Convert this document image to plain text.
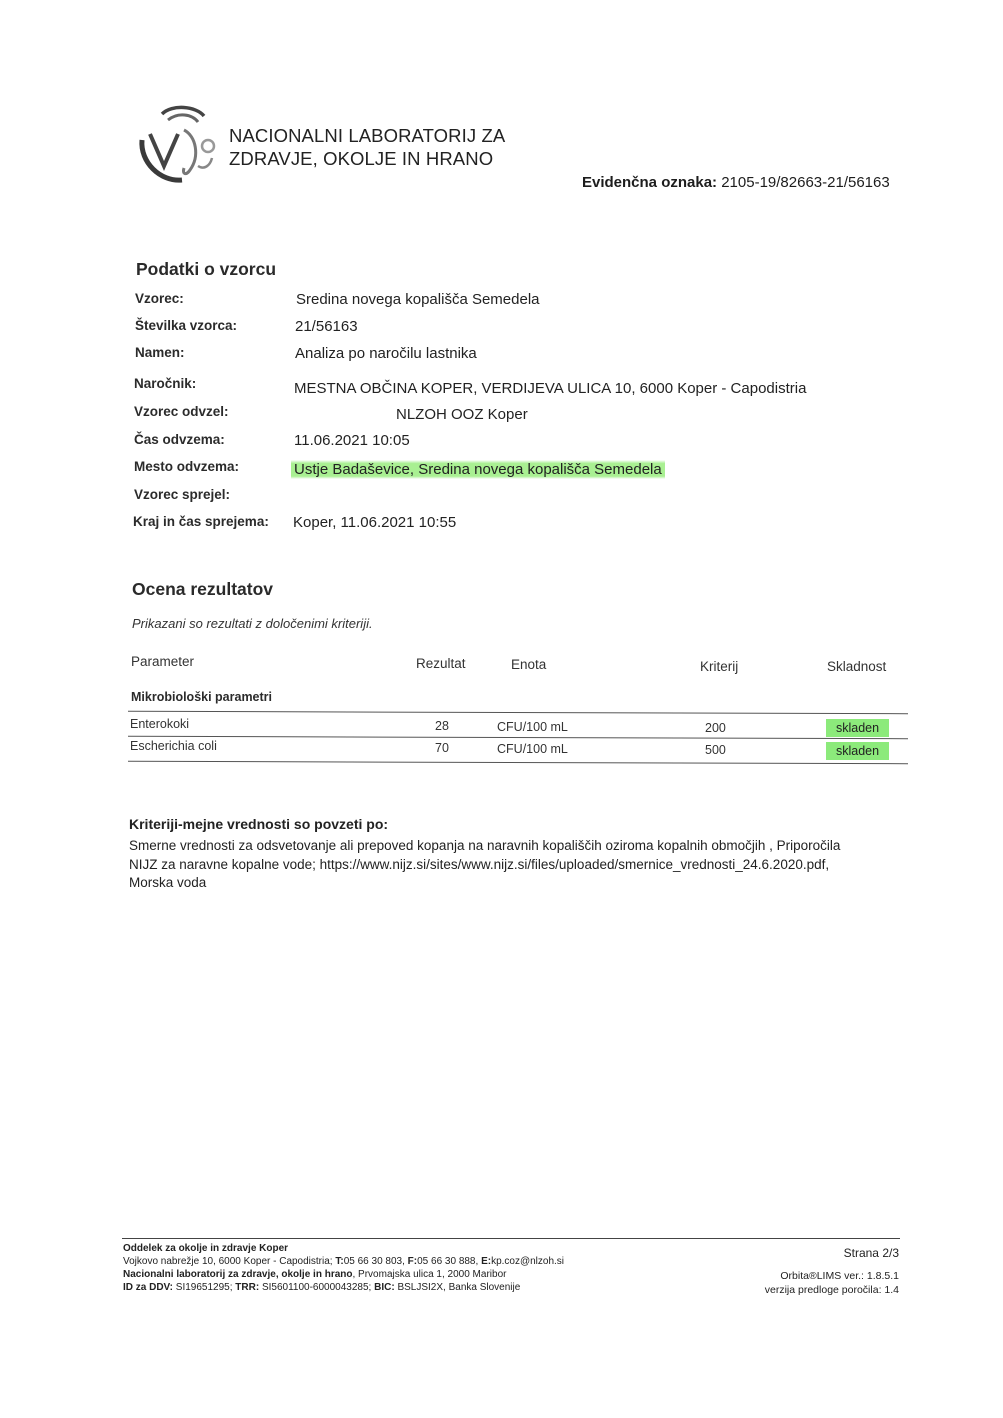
NACIONALNI LABORATORIJ ZA
ZDRAVJE, OKOLJE IN HRANO
Evidenčna oznaka: 2105-19/82663-21/56163
Podatki o vzorcu
Vzorec:	Sredina novega kopališča Semedela
Številka vzorca:	21/56163
Namen:	Analiza po naročilu lastnika
Naročnik:	MESTNA OBČINA KOPER, VERDIJEVA ULICA 10, 6000 Koper - Capodistria
Vzorec odvzel:	NLZOH OOZ Koper
Čas odvzema:	11.06.2021 10:05
Mesto odvzema:	Ustje Badaševice, Sredina novega kopališča Semedela
Vzorec sprejel:
Kraj in čas sprejema: Koper, 11.06.2021 10:55
Ocena rezultatov
Prikazani so rezultati z določenimi kriteriji.
Parameter	Rezultat	Enota	Kriterij	Skladnost
Mikrobiološki parametri
Enterokoki	28	CFU/100 mL	200	skladen
Escherichia coli	70	CFU/100 mL	500	skladen
Kriteriji-mejne vrednosti so povzeti po:
Smerne vrednosti za odsvetovanje ali prepoved kopanja na naravnih kopališčih oziroma kopalnih območjih , Priporočila
NIJZ za naravne kopalne vode; https://www.nijz.si/sites/www.nijz.si/files/uploaded/smernice_vrednosti_24.6.2020.pdf,
Morska voda
Oddelek za okolje in zdravje Koper
Vojkovo nabrežje 10, 6000 Koper - Capodistria; T:05 66 30 803, F:05 66 30 888, E:kp.coz@nlzoh.si
Nacionalni laboratorij za zdravje, okolje in hrano, Prvomajska ulica 1, 2000 Maribor
ID za DDV: SI19651295; TRR: SI5601100-6000043285; BIC: BSLJSI2X, Banka Slovenije
Strana 2/3
Orbita®LIMS ver.: 1.8.5.1
verzija predloge poročila: 1.4
